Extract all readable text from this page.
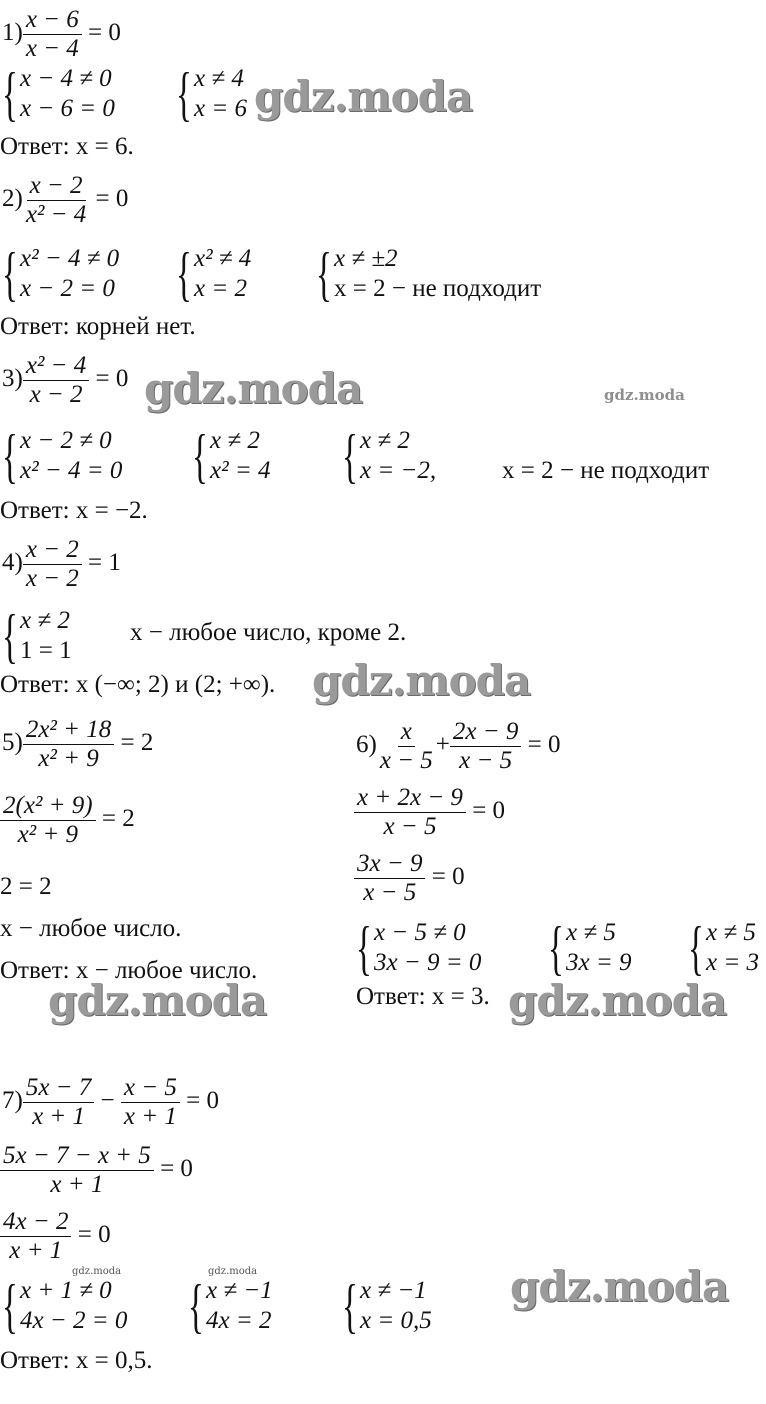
$1) \frac{x - 6}{x - 4} = 0$
{ x − 4 ≠ 0
x − 6 = 0 { x ≠ 4
x = 6 gdz.moda
Ответ: x = 6.
$2) \frac{x - 2}{\text{x² − 4}} = 0$
{ x² − 4 ≠ 0
x − 2 = 0 { x² ≠ 4
x = 2 { x ≠ ±2
x = 2 − не подходит
Ответ: корней нет.
$3) \frac{\text{x² − 4}}{x - 2} = 0$ gdz.moda	gdz.moda
{ x − 2 ≠ 0
x² − 4 = 0 { x ≠ 2
x² = 4 { x ≠ 2
x = −2,	x = 2 − не подходит
Ответ: x = −2.
$4) \frac{x - 2}{x - 2} = 1$
{ x ≠ 2
1 = 1
x − любое число, кроме 2.
Ответ: x (−∞; 2) и (2; +∞). gdz.moda
$5) \frac{\text{2x² + 18}}{\text{x² + 9}} = 2$
$\frac{\text{2(x² + 9)}}{\text{x² + 9}} = 2$
2 = 2
x − любое число.
Ответ: x − любое число.
gdz.moda
$6) \frac{x}{x - 5} + \frac{2x - 9}{x - 5} = 0$
$\frac{x + 2x - 9}{x - 5} = 0$
$\frac{3x - 9}{x - 5} = 0$
{ x − 5 ≠ 0
3x − 9 = 0 { x ≠ 5
3x = 9 { x ≠ 5
x = 3
Ответ: x = 3. gdz.moda
$7) \frac{5x - 7}{x + 1} - \frac{x - 5}{x + 1} = 0$
$\frac{5x - 7 - x + 5}{x + 1} = 0$
$\frac{4x - 2}{x + 1} = 0$
gdz.moda	gdz.moda
{ x + 1 ≠ 0
4x − 2 = 0 { x ≠ −1
4x = 2 { x ≠ −1
x = 0,5
gdz.moda
Ответ: x = 0,5.
